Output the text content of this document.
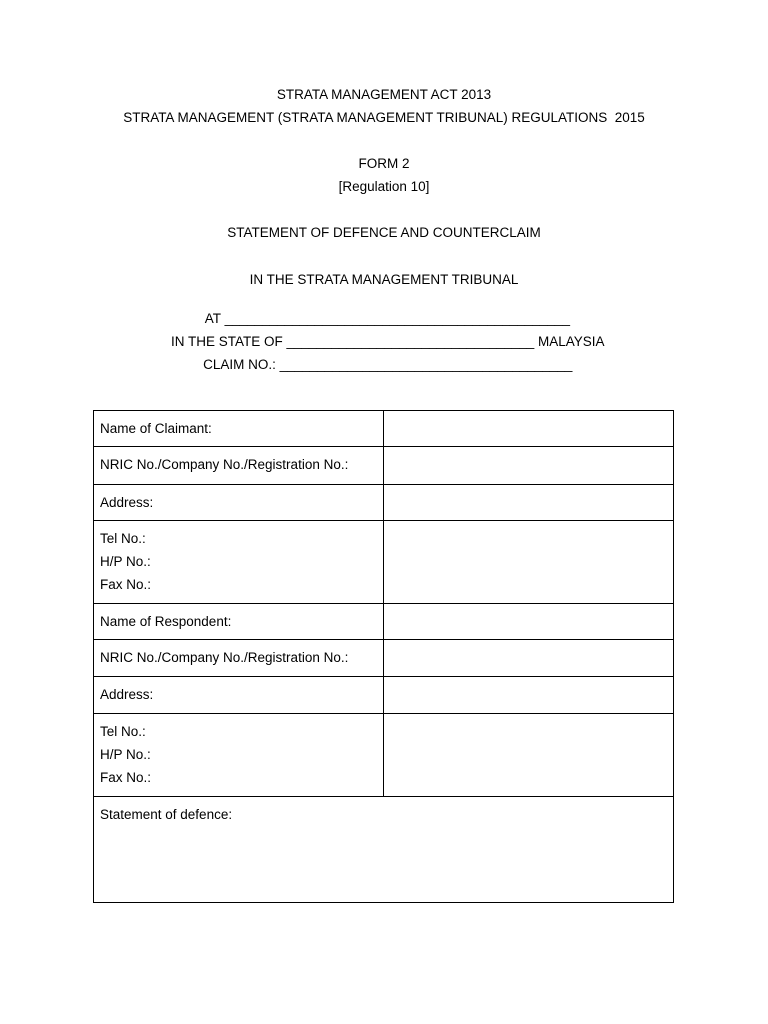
STRATA MANAGEMENT ACT 2013
STRATA MANAGEMENT (STRATA MANAGEMENT TRIBUNAL) REGULATIONS  2015
FORM 2
[Regulation 10]
STATEMENT OF DEFENCE AND COUNTERCLAIM
IN THE STRATA MANAGEMENT TRIBUNAL

AT ______________________________________________

IN THE STATE OF _________________________________ MALAYSIA

CLAIM NO.: _______________________________________

Name of Claimant:	
NRIC No./Company No./Registration No.:	
Address:	

Tel No.:
H/P No.:
Fax No.:	

Name of Respondent:	
NRIC No./Company No./Registration No.:	
Address:	

Tel No.:
H/P No.:
Fax No.:	

Statement of defence:	
